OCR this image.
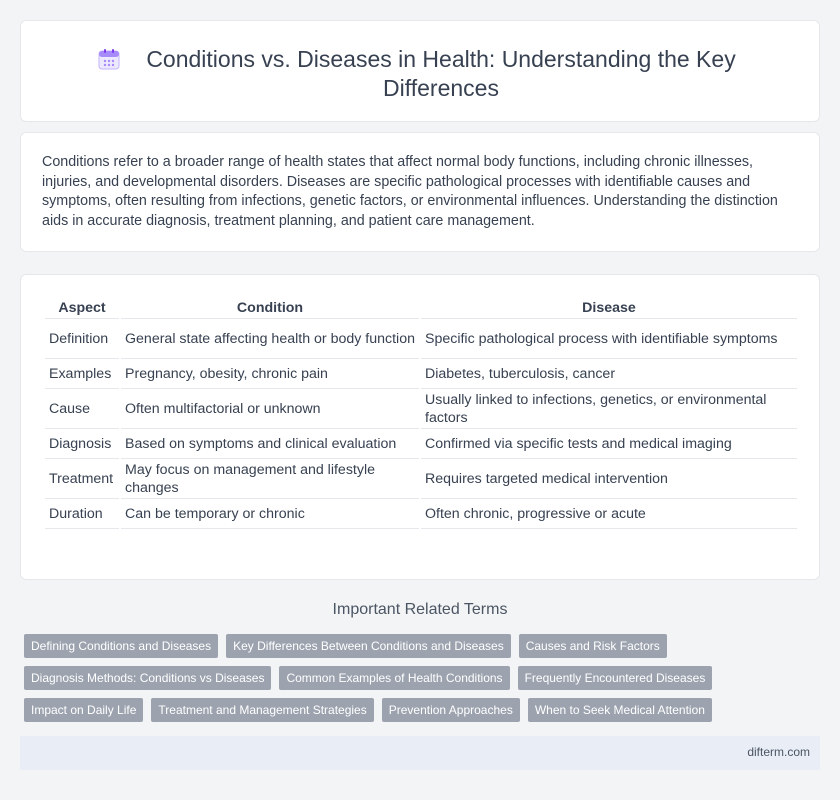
Conditions vs. Diseases in Health: Understanding the Key Differences

Conditions refer to a broader range of health states that affect normal body functions, including chronic illnesses, injuries, and developmental disorders. Diseases are specific pathological processes with identifiable causes and symptoms, often resulting from infections, genetic factors, or environmental influences. Understanding the distinction aids in accurate diagnosis, treatment planning, and patient care management.

Aspect	Condition	Disease
Definition	General state affecting health or body function	Specific pathological process with identifiable symptoms
Examples	Pregnancy, obesity, chronic pain	Diabetes, tuberculosis, cancer
Cause	Often multifactorial or unknown	Usually linked to infections, genetics, or environmental factors
Diagnosis	Based on symptoms and clinical evaluation	Confirmed via specific tests and medical imaging
Treatment	May focus on management and lifestyle changes	Requires targeted medical intervention
Duration	Can be temporary or chronic	Often chronic, progressive or acute
Important Related Terms
Defining Conditions and Diseases	Key Differences Between Conditions and Diseases	Causes and Risk Factors
Diagnosis Methods: Conditions vs Diseases	Common Examples of Health Conditions	Frequently Encountered Diseases
Impact on Daily Life	Treatment and Management Strategies	Prevention Approaches	When to Seek Medical Attention
difterm.com
